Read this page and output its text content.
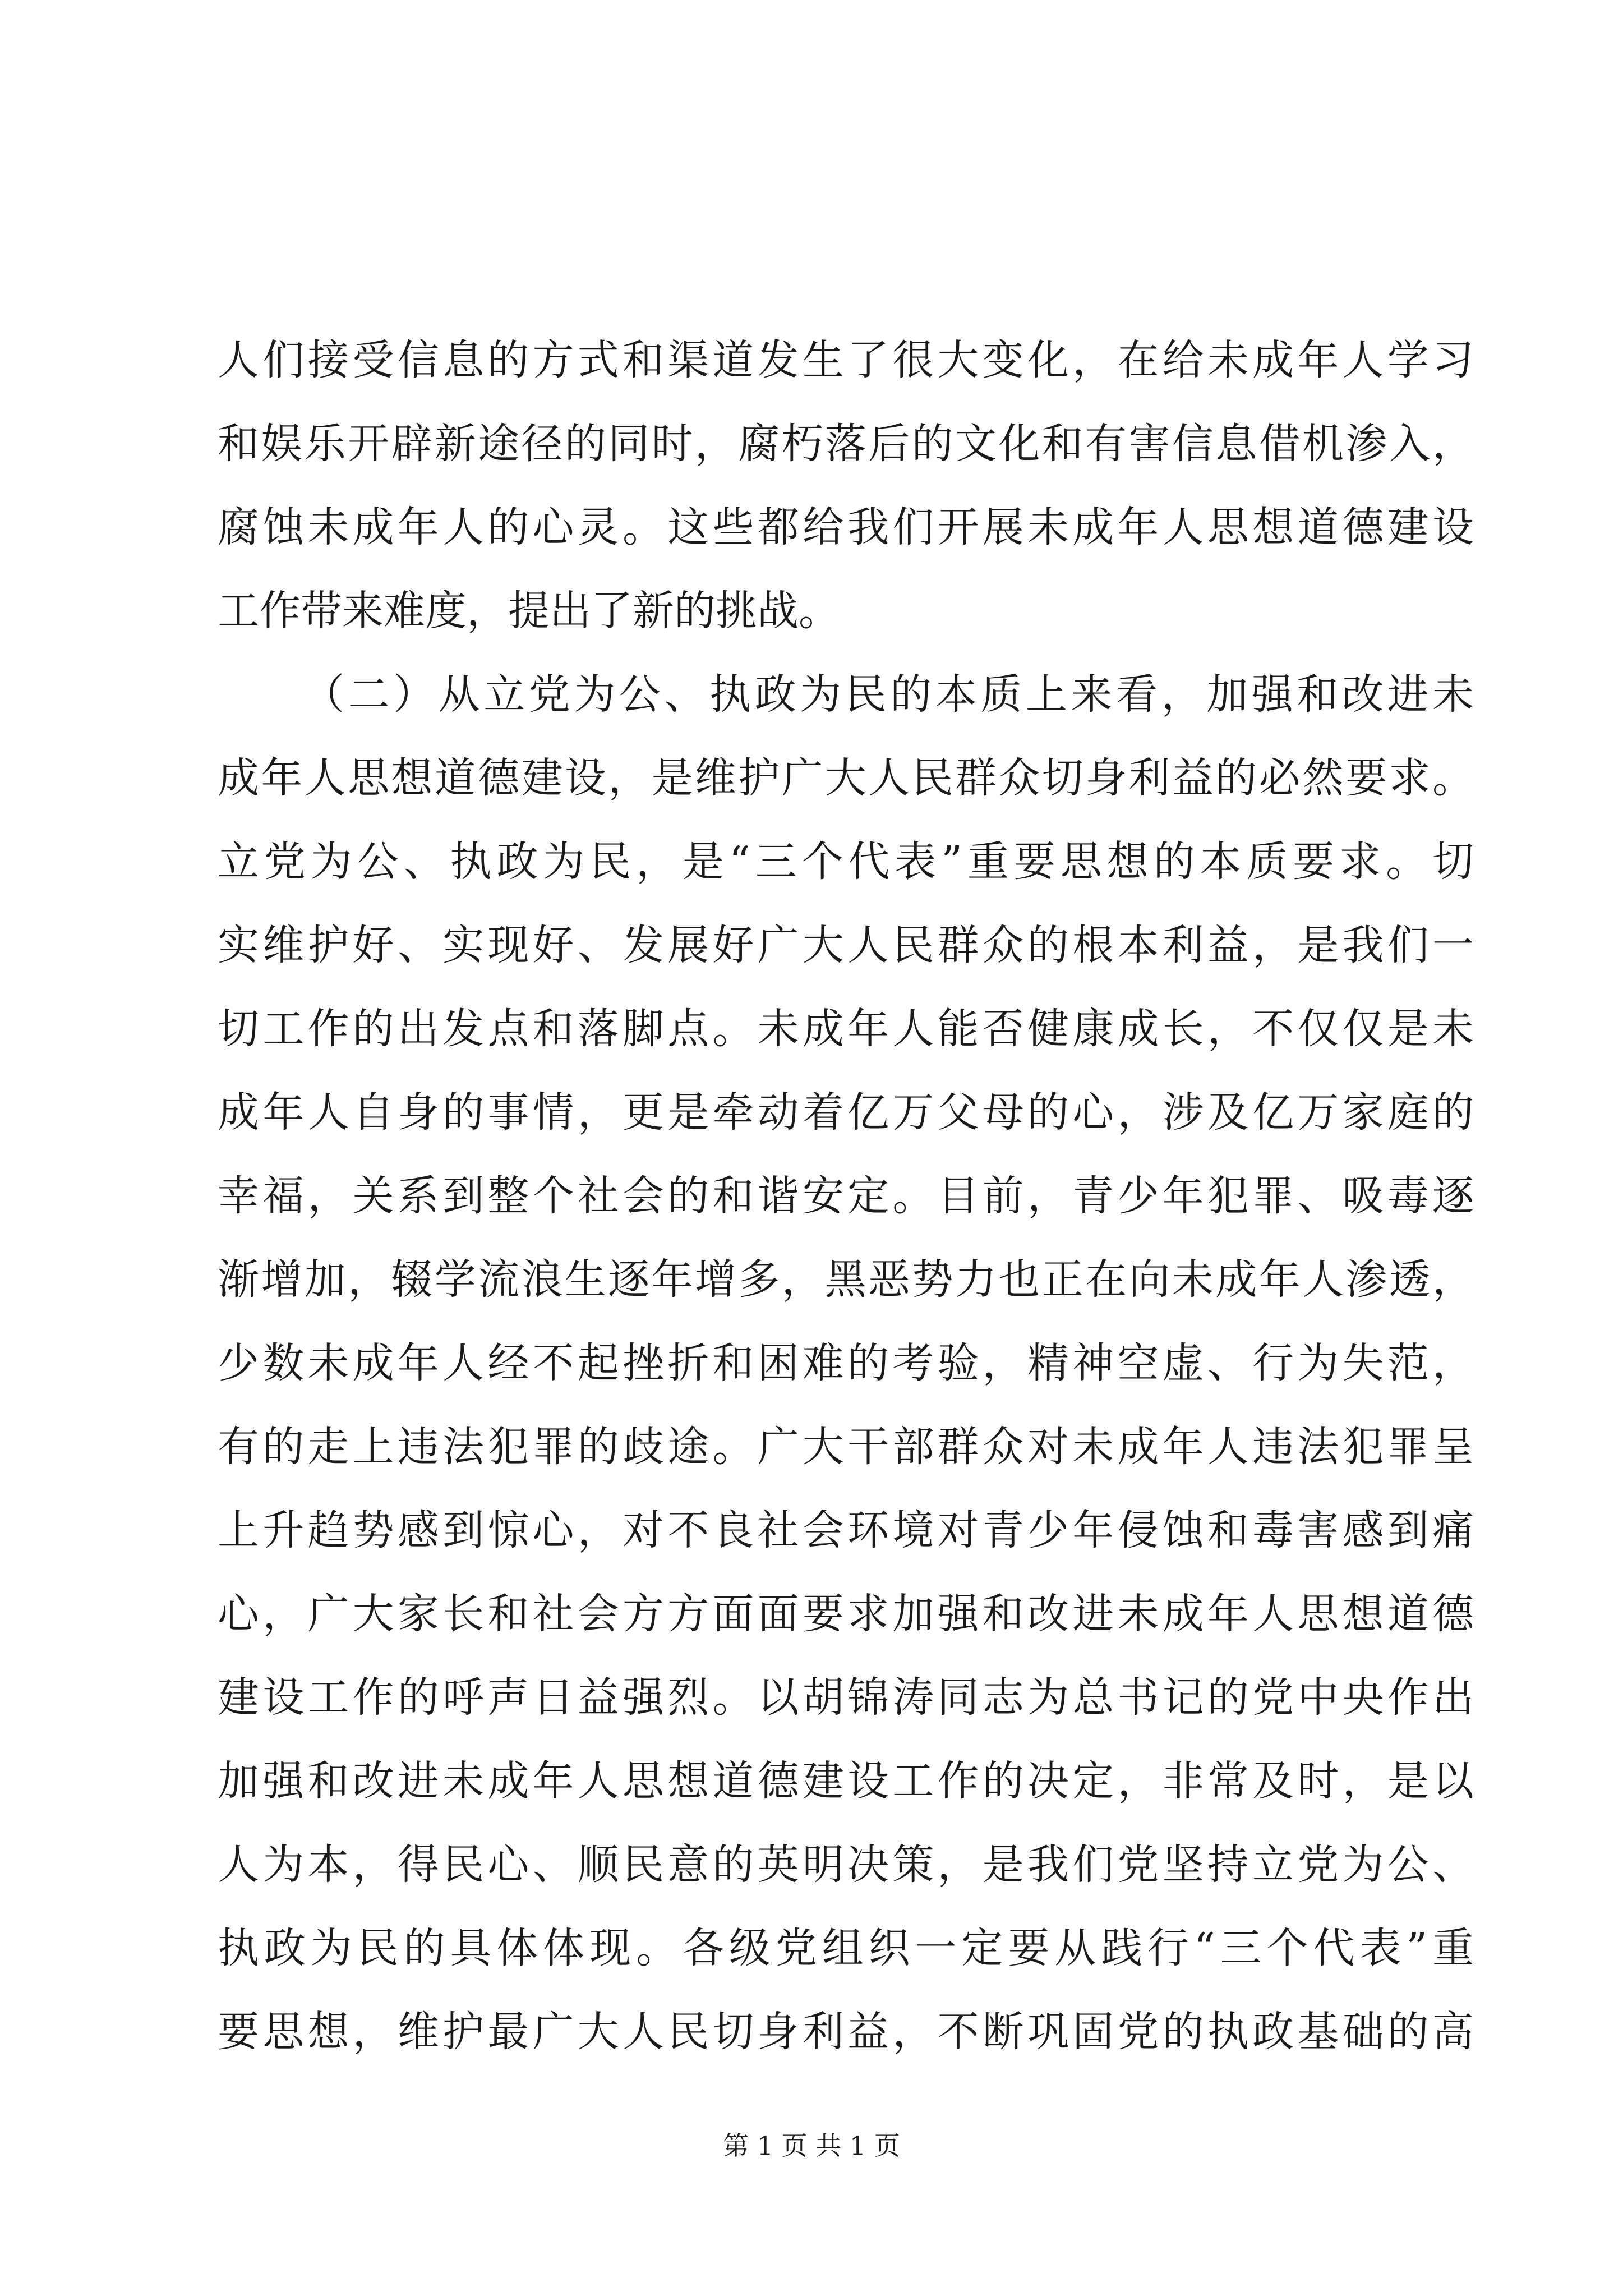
人们接受信息的方式和渠道发生了很大变化，在给未成年人学习
和娱乐开辟新途径的同时，腐朽落后的文化和有害信息借机渗入，
腐蚀未成年人的心灵。这些都给我们开展未成年人思想道德建设
工作带来难度，提出了新的挑战。
（二）从立党为公、执政为民的本质上来看，加强和改进未
成年人思想道德建设，是维护广大人民群众切身利益的必然要求。
立党为公、执政为民，是“三个代表”重要思想的本质要求。切
实维护好、实现好、发展好广大人民群众的根本利益，是我们一
切工作的出发点和落脚点。未成年人能否健康成长，不仅仅是未
成年人自身的事情，更是牵动着亿万父母的心，涉及亿万家庭的
幸福，关系到整个社会的和谐安定。目前，青少年犯罪、吸毒逐
渐增加，辍学流浪生逐年增多，黑恶势力也正在向未成年人渗透，
少数未成年人经不起挫折和困难的考验，精神空虚、行为失范，
有的走上违法犯罪的歧途。广大干部群众对未成年人违法犯罪呈
上升趋势感到惊心，对不良社会环境对青少年侵蚀和毒害感到痛
心，广大家长和社会方方面面要求加强和改进未成年人思想道德
建设工作的呼声日益强烈。以胡锦涛同志为总书记的党中央作出
加强和改进未成年人思想道德建设工作的决定，非常及时，是以
人为本，得民心、顺民意的英明决策，是我们党坚持立党为公、
执政为民的具体体现。各级党组织一定要从践行“三个代表”重
要思想，维护最广大人民切身利益，不断巩固党的执政基础的高
第 1 页 共 1 页
